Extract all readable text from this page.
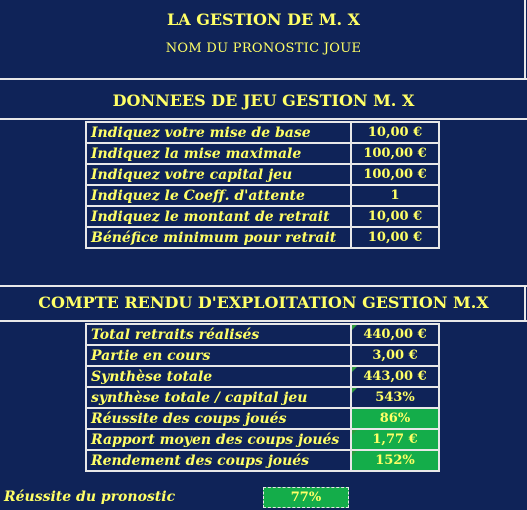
LA GESTION DE M. X
NOM DU PRONOSTIC JOUE
DONNEES DE JEU GESTION M. X
Indiquez votre mise de base	10,00 €
Indiquez la mise maximale	100,00 €
Indiquez votre capital jeu	100,00 €
Indiquez le Coeff. d'attente	1
Indiquez le montant de retrait	10,00 €
Bénéfice minimum pour retrait	10,00 €
COMPTE RENDU D'EXPLOITATION GESTION M.X
Total retraits réalisés	440,00 €
Partie en cours	3,00 €
Synthèse totale	443,00 €
synthèse totale / capital jeu	543%
Réussite des coups joués	86%
Rapport moyen des coups joués	1,77 €
Rendement des coups joués	152%
Réussite du pronostic	77%
